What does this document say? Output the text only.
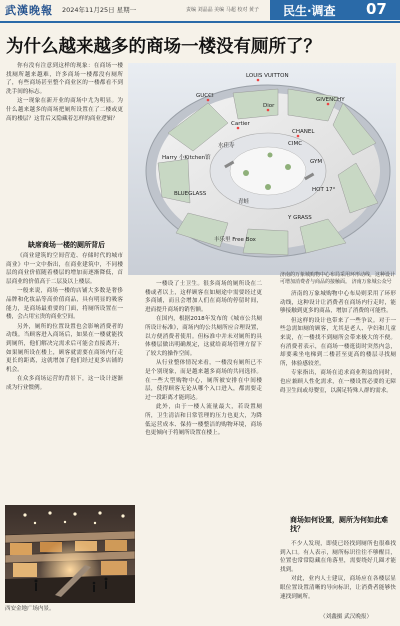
武漢晚報 2024年11月25日 星期一	责编 刘晶晶 美编 马超 校对 黄子 民生·调查 07
为什么越来越多的商场一楼没有厕所了？

你有没有注意到这样的现象：在商场一楼找厕所越来越难，许多商场一楼都没有厕所了，有些商场甚至整个商业区的一楼都看不到洗手间的标志。

这一现象在新开业的商场中尤为明显。为什么越来越多的商场把厕所设置在了二楼或更高的楼层？这背后又隐藏着怎样的商业逻辑？

缺席商场一楼的厕所背后

《商业建筑的空间营造、存储时代的城市商业》中一文中指出，在商业建筑中，不同楼层的商业价值随着楼层的增加而逐渐降低，首层商业的价值高于二层及以上楼层。

一般来说，商场一楼的店铺大多数是奢侈品牌和化妆品等高价值商品，具有明显的吸客能力，是商场最重要的门面，将厕所设置在一楼，会占用宝贵的商业空间。

另外，厕所的位置设置也会影响消费者的动线。当顾客进入商场后，如果在一楼就能找到厕所，他们解决完需求后可能会直接离开；如果厕所设在楼上，顾客就需要在商场内行走更长的距离，这就增加了他们经过更多店铺的机会。

在众多商场运营的背景下，这一设计逐渐成为行业惯例。

LOUIS VUITTON
Dior
Cartier
GUCCI
GIVENCHY
CHANEL
CIMC
水佳寿
Harry 小Kitchen馆
GYM
BLUEGLASS
青蛙
HOT 17°
Y GRASS
丰乐里 Free Box
济南的万象城购物中心布局采用环形动线，这种设计可增加消费者与商品的接触面。 济南万象城公众号

一楼设了士卫生。很多商场的厕所设在二楼或者以上，这样顾客在如厕途中需要经过更多商铺，而且会增加人们在商场的停留时间，进而提升商场的销售额。

在国内，根据2018年发布的《城市公共厕所设计标准》，商场内的公共厕所应合理设置，以方便消费者使用。但标准中并未对厕所的具体楼层做出明确规定，这就给商场管理方留下了较大的操作空间。

从行业整体情况来看，一楼没有厕所已不是个别现象，而是越来越多商场的共同选择。在一些大型购物中心，厕所被安排在中间楼层，使得顾客无论从哪个入口进入，都需要走过一段距离才能到达。

此外，由于一楼人流量最大，若设置厕所，卫生清洁和日常管理的压力也更大，为降低运营成本、保持一楼整洁的购物环境，商场也更倾向于将厕所设置在楼上。

济南的万象城购物中心布局则采用了环形动线，这种设计让消费者在商场内行走时，能够接触到更多的商品，增加了消费的可能性。

但这样的设计也带来了一些争议。对于一些急需如厕的顾客，尤其是老人、孕妇和儿童来说，在一楼找不到厕所会带来极大的不便。有消费者表示，在商场一楼逛街时突然内急，却要乘坐电梯到二楼甚至更高的楼层寻找厕所，体验感较差。

专家指出，商场在追求商业利益的同时，也应兼顾人性化需求，在一楼设置必要的无障碍卫生间或母婴室，以满足特殊人群的需求。

商场如何设置，厕所为何如此难找？

不少人发现，即使已经找到厕所也很难找到入口。有人表示，厕所标识往往不够醒目，位置也常常隐藏在角落里，需要绕好几圈才能找到。

对此，业内人士建议，商场应在各楼层显眼位置设置清晰的导向标识，让消费者能够快速找到厕所。

（刘鑫摄 武汉晚报）
西安金地广场内景。
